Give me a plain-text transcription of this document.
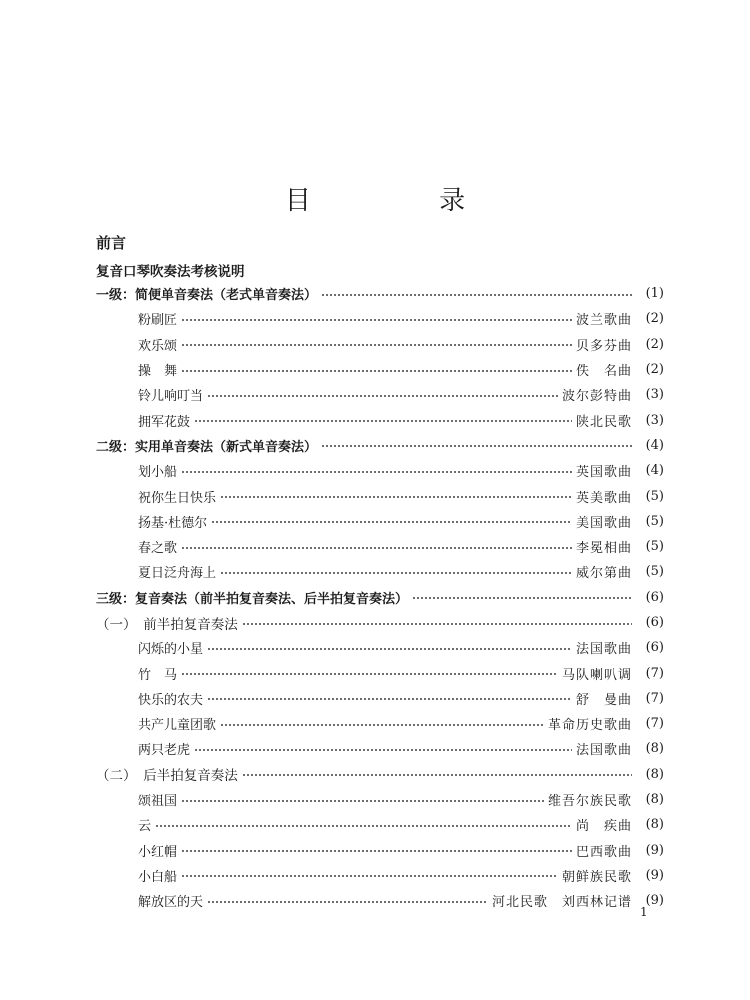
目 录
前言
复音口琴吹奏法考核说明
一级：简便单音奏法（老式单音奏法）	(1)
粉刷匠	波兰歌曲	(2)
欢乐颂	贝多芬曲	(2)
操　舞	佚　名曲	(2)
铃儿响叮当	波尔彭特曲	(3)
拥军花鼓	陕北民歌	(3)
二级：实用单音奏法（新式单音奏法）	(4)
划小船	英国歌曲	(4)
祝你生日快乐	英美歌曲	(5)
扬基·杜德尔	美国歌曲	(5)
春之歌	李冕相曲	(5)
夏日泛舟海上	威尔第曲	(5)
三级：复音奏法（前半拍复音奏法、后半拍复音奏法）	(6)
（一）　前半拍复音奏法	(6)
闪烁的小星	法国歌曲	(6)
竹　马	马队喇叭调	(7)
快乐的农夫	舒　曼曲	(7)
共产儿童团歌	革命历史歌曲	(7)
两只老虎	法国歌曲	(8)
（二）　后半拍复音奏法	(8)
颂祖国	维吾尔族民歌	(8)
云	尚　疾曲	(8)
小红帽	巴西歌曲	(9)
小白船	朝鲜族民歌	(9)
解放区的天	河北民歌　刘西林记谱	(9)
1
